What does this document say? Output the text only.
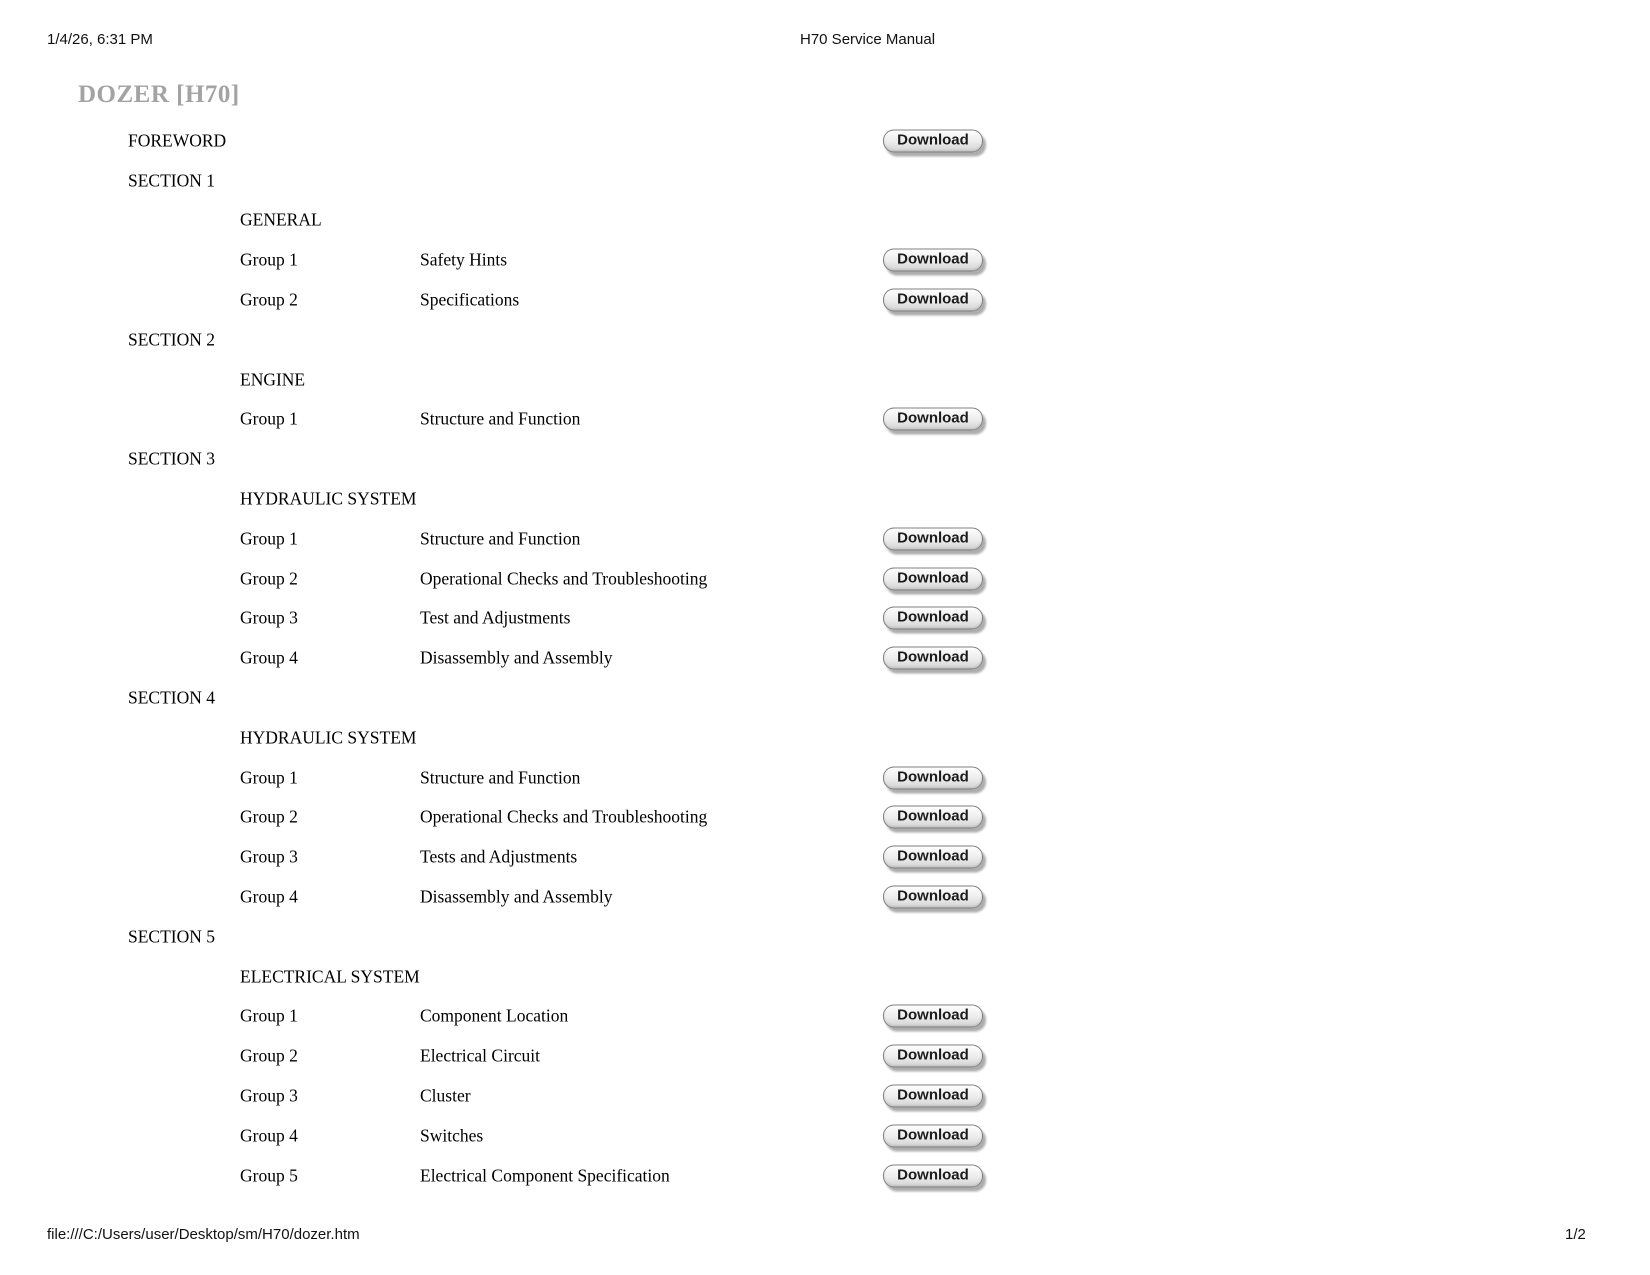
1/4/26, 6:31 PM	H70 Service Manual
DOZER [H70]
FOREWORD	Download
SECTION 1
GENERAL
Group 1	Safety Hints	Download
Group 2	Specifications	Download
SECTION 2
ENGINE
Group 1	Structure and Function	Download
SECTION 3
HYDRAULIC SYSTEM
Group 1	Structure and Function	Download
Group 2	Operational Checks and Troubleshooting	Download
Group 3	Test and Adjustments	Download
Group 4	Disassembly and Assembly	Download
SECTION 4
HYDRAULIC SYSTEM
Group 1	Structure and Function	Download
Group 2	Operational Checks and Troubleshooting	Download
Group 3	Tests and Adjustments	Download
Group 4	Disassembly and Assembly	Download
SECTION 5
ELECTRICAL SYSTEM
Group 1	Component Location	Download
Group 2	Electrical Circuit	Download
Group 3	Cluster	Download
Group 4	Switches	Download
Group 5	Electrical Component Specification	Download
file:///C:/Users/user/Desktop/sm/H70/dozer.htm	1/2
